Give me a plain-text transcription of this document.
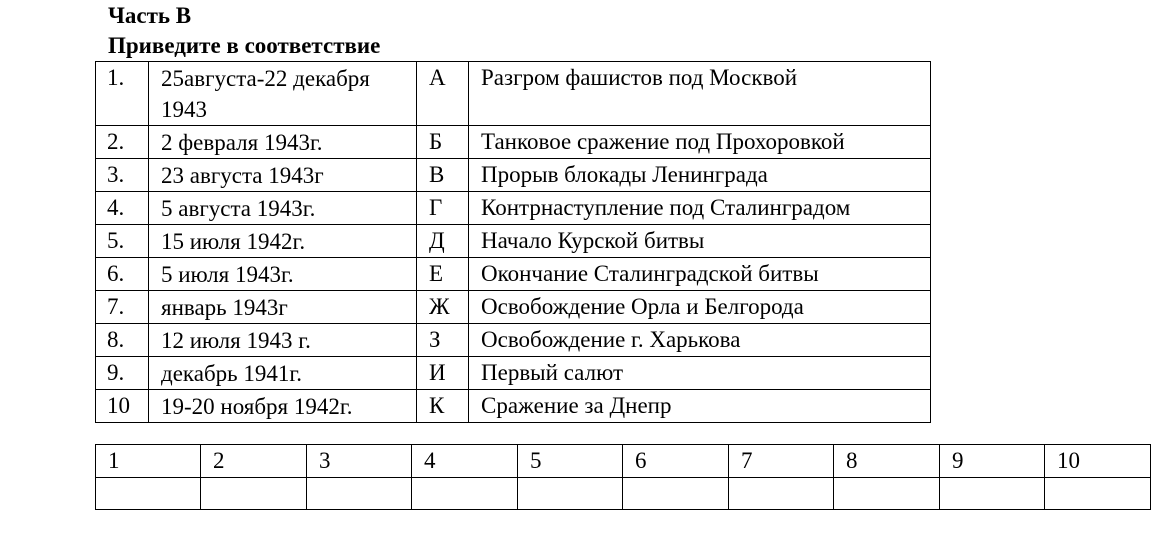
Часть В
Приведите в соответствие
1.	25августа-22 декабря 1943	А	Разгром фашистов под Москвой
2.	2 февраля 1943г.	Б	Танковое сражение под Прохоровкой
3.	23 августа 1943г	В	Прорыв блокады Ленинграда
4.	5 августа 1943г.	Г	Контрнаступление под Сталинградом
5.	15 июля 1942г.	Д	Начало Курской битвы
6.	5 июля 1943г.	Е	Окончание Сталинградской битвы
7.	январь 1943г	Ж	Освобождение Орла и Белгорода
8.	12 июля 1943 г.	З	Освобождение г. Харькова
9.	декабрь 1941г.	И	Первый салют
10	19-20 ноября 1942г.	К	Сражение за Днепр
1	2	3	4	5	6	7	8	9	10
